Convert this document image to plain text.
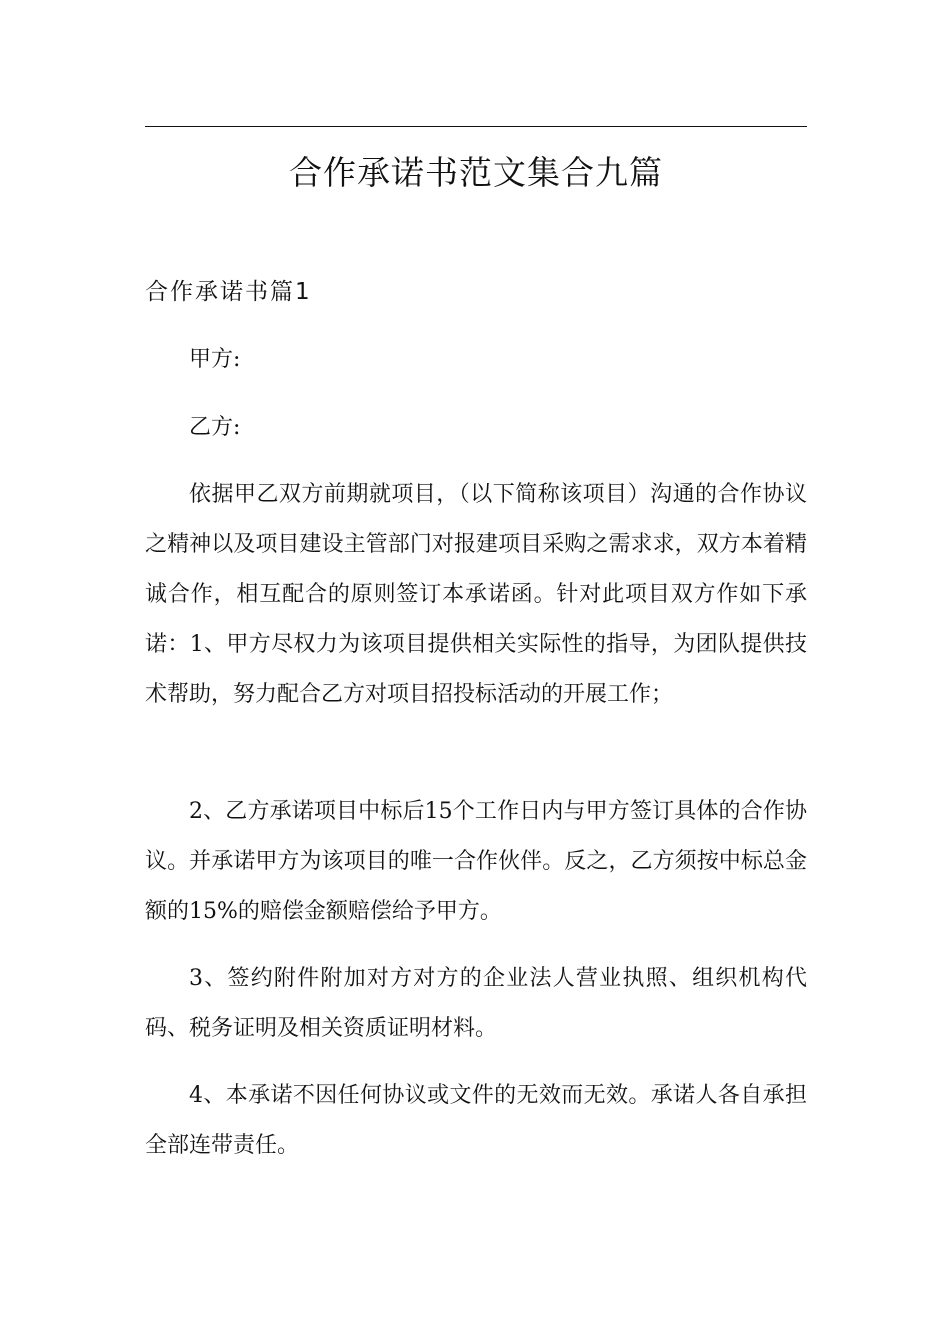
合作承诺书范文集合九篇
合作承诺书篇1

甲方:

乙方:

依据甲乙双方前期就项目，（以下简称该项目）沟通的合作协议之精神以及项目建设主管部门对报建项目采购之需求求，双方本着精诚合作，相互配合的原则签订本承诺函。针对此项目双方作如下承诺：1、甲方尽权力为该项目提供相关实际性的指导，为团队提供技术帮助，努力配合乙方对项目招投标活动的开展工作；

2、乙方承诺项目中标后15个工作日内与甲方签订具体的合作协议。并承诺甲方为该项目的唯一合作伙伴。反之，乙方须按中标总金额的15%的赔偿金额赔偿给予甲方。

3、签约附件附加对方对方的企业法人营业执照、组织机构代码、税务证明及相关资质证明材料。

4、本承诺不因任何协议或文件的无效而无效。承诺人各自承担全部连带责任。
